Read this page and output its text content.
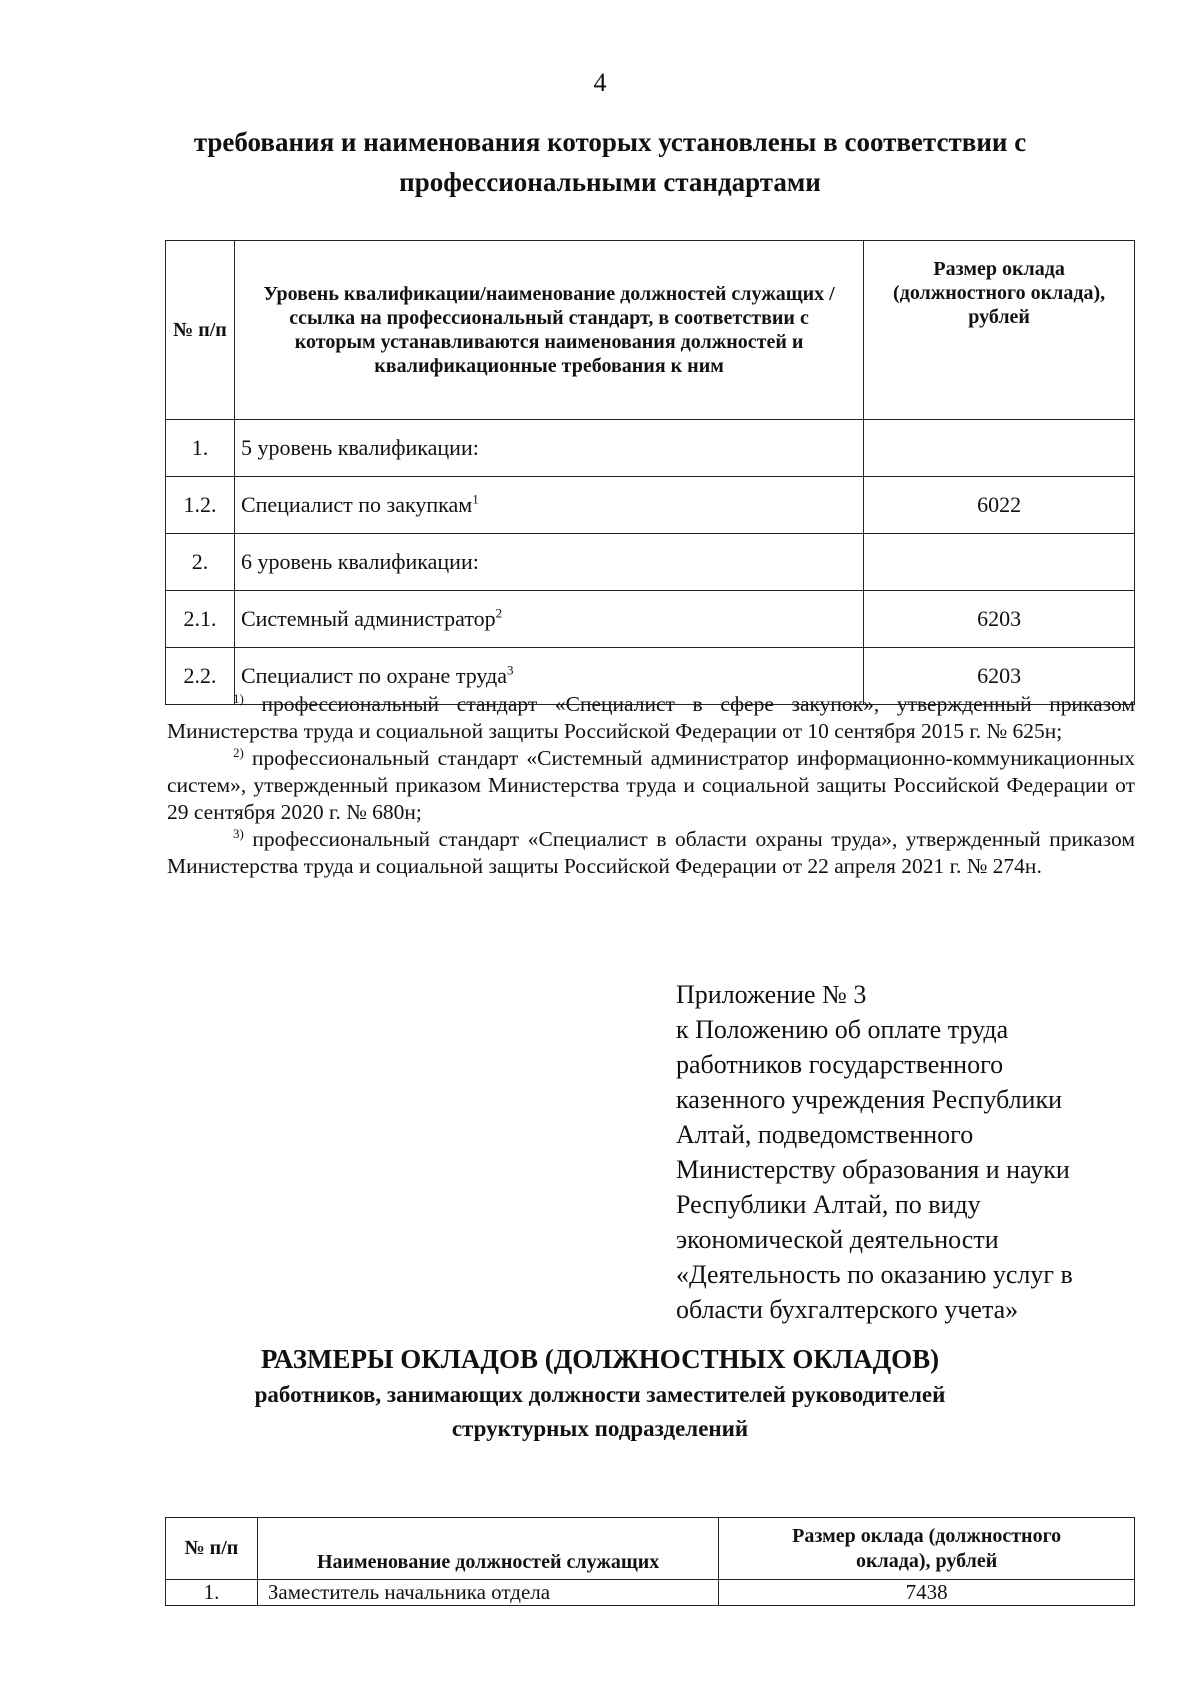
4
требования и наименования которых установлены в соответствии с профессиональными стандартами
№ п/п	Уровень квалификации/наименование должностей служащих / ссылка на профессиональный стандарт, в соответствии с которым устанавливаются наименования должностей и квалификационные требования к ним	Размер оклада (должностного оклада), рублей
1.	5 уровень квалификации:	
1.2.	Специалист по закупкам$^1$	6022
2.	6 уровень квалификации:	
2.1.	Системный администратор$^2$	6203
2.2.	Специалист по охране труда$^3$	6203

$^{1)}$ профессиональный стандарт «Специалист в сфере закупок», утвержденный приказом Министерства труда и социальной защиты Российской Федерации от 10 сентября 2015 г. № 625н;

$^{2)}$ профессиональный стандарт «Системный администратор информационно-коммуникационных систем», утвержденный приказом Министерства труда и социальной защиты Российской Федерации от 29 сентября 2020 г. № 680н;

$^{3)}$ профессиональный стандарт «Специалист в области охраны труда», утвержденный приказом Министерства труда и социальной защиты Российской Федерации от 22 апреля 2021 г. № 274н.

Приложение № 3
к Положению об оплате труда
работников государственного
казенного учреждения Республики
Алтай, подведомственного
Министерству образования и науки
Республики Алтай, по виду
экономической деятельности
«Деятельность по оказанию услуг в
области бухгалтерского учета»
РАЗМЕРЫ ОКЛАДОВ (ДОЛЖНОСТНЫХ ОКЛАДОВ)
работников, занимающих должности заместителей руководителей
структурных подразделений
№ п/п	Наименование должностей служащих	Размер оклада (должностного оклада), рублей
1.	Заместитель начальника отдела	7438
